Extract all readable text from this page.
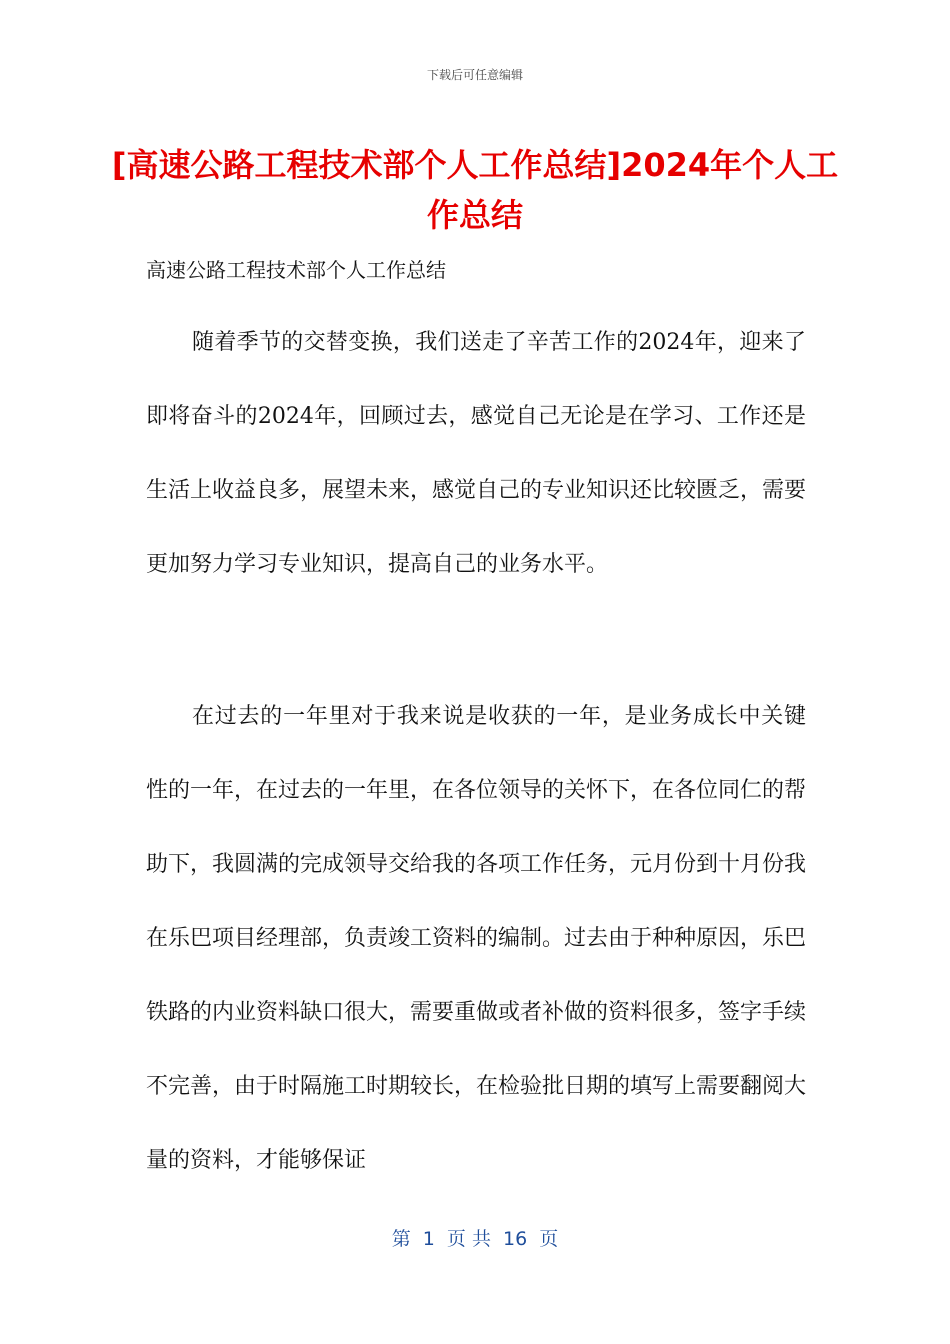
下载后可任意编辑
[高速公路工程技术部个人工作总结]2024年个人工作总结
高速公路工程技术部个人工作总结

随着季节的交替变换，我们送走了辛苦工作的2024年，迎来了即将奋斗的2024年，回顾过去，感觉自己无论是在学习、工作还是生活上收益良多，展望未来，感觉自己的专业知识还比较匮乏，需要更加努力学习专业知识，提高自己的业务水平。

在过去的一年里对于我来说是收获的一年，是业务成长中关键性的一年，在过去的一年里，在各位领导的关怀下，在各位同仁的帮助下，我圆满的完成领导交给我的各项工作任务，元月份到十月份我在乐巴项目经理部，负责竣工资料的编制。过去由于种种原因，乐巴铁路的内业资料缺口很大，需要重做或者补做的资料很多，签字手续不完善，由于时隔施工时期较长，在检验批日期的填写上需要翻阅大量的资料，才能够保证

第  1  页 共  16  页
